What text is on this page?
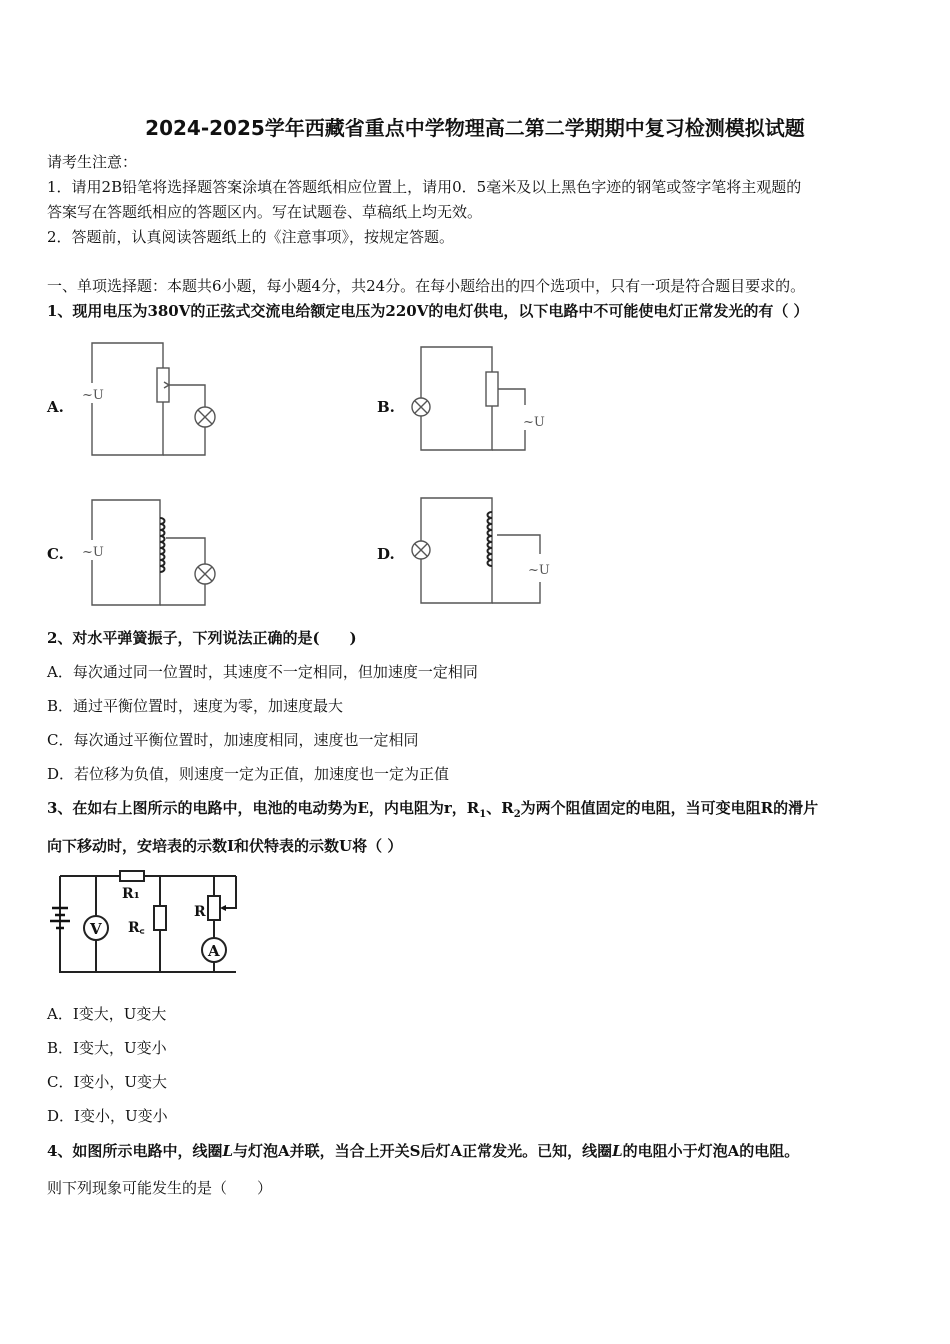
2024-2025学年西藏省重点中学物理高二第二学期期中复习检测模拟试题
请考生注意：
1．请用2B铅笔将选择题答案涂填在答题纸相应位置上，请用0．5毫米及以上黑色字迹的钢笔或签字笔将主观题的
答案写在答题纸相应的答题区内。写在试题卷、草稿纸上均无效。
2．答题前，认真阅读答题纸上的《注意事项》，按规定答题。
一、单项选择题：本题共6小题，每小题4分，共24分。在每小题给出的四个选项中，只有一项是符合题目要求的。
1、现用电压为380V的正弦式交流电给额定电压为220V的电灯供电，以下电路中不可能使电灯正常发光的有（ ）
A.	B.
C.	D.
~U
~U
~U
~U
2、对水平弹簧振子，下列说法正确的是(　　)
A．每次通过同一位置时，其速度不一定相同，但加速度一定相同
B．通过平衡位置时，速度为零，加速度最大
C．每次通过平衡位置时，加速度相同，速度也一定相同
D．若位移为负值，则速度一定为正值，加速度也一定为正值
3、在如右上图所示的电路中，电池的电动势为E，内电阻为r，$R_1$、$R_2$为两个阻值固定的电阻，当可变电阻R的滑片
向下移动时，安培表的示数I和伏特表的示数U将（ ）
V
R₁
R꜀
R
A
A．I变大，U变大
B．I变大，U变小
C．I变小，U变大
D．I变小，U变小
4、如图所示电路中，线圈L与灯泡A并联，当合上开关S后灯A正常发光。已知，线圈L的电阻小于灯泡A的电阻。
则下列现象可能发生的是（　　）
